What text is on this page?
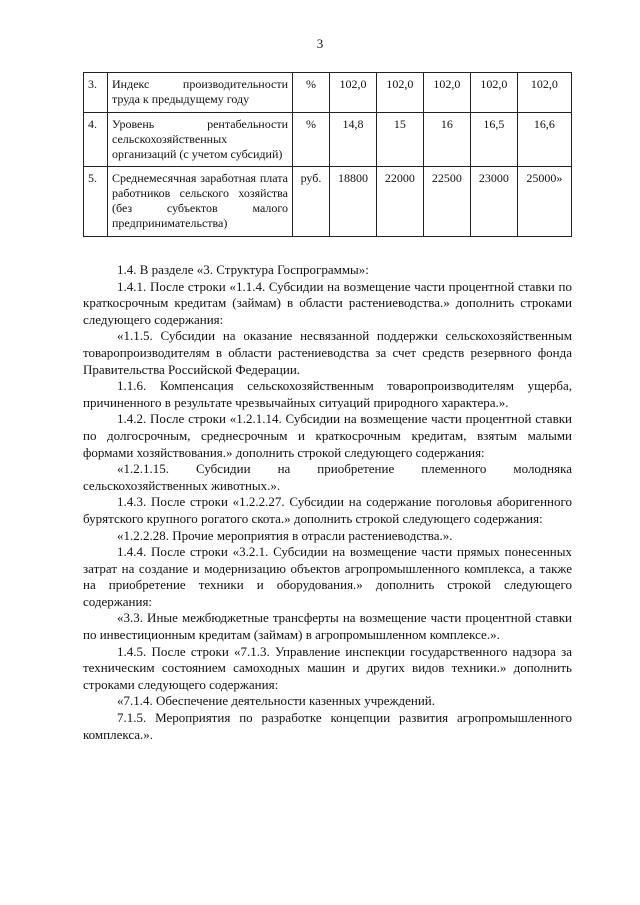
3
3.	Индекс производительности труда к предыдущему году	%	102,0	102,0	102,0	102,0	102,0
4.	Уровень рентабельности сельскохозяйственных организаций (с учетом субсидий)	%	14,8	15	16	16,5	16,6
5.	Среднемесячная заработная плата работников сельского хозяйства (без субъектов малого предпринимательства)	руб.	18800	22000	22500	23000	25000»

1.4. В разделе «3. Структура Госпрограммы»:

1.4.1. После строки «1.1.4. Субсидии на возмещение части процентной ставки по краткосрочным кредитам (займам) в области растениеводства.» дополнить строками следующего содержания:

«1.1.5. Субсидии на оказание несвязанной поддержки сельскохозяйственным товаропроизводителям в области растениеводства за счет средств резервного фонда Правительства Российской Федерации.

1.1.6. Компенсация сельскохозяйственным товаропроизводителям ущерба, причиненного в результате чрезвычайных ситуаций природного характера.».

1.4.2. После строки «1.2.1.14. Субсидии на возмещение части процентной ставки по долгосрочным, среднесрочным и краткосрочным кредитам, взятым малыми формами хозяйствования.» дополнить строкой следующего содержания:

«1.2.1.15. Субсидии на приобретение племенного молодняка сельскохозяйственных животных.».

1.4.3. После строки «1.2.2.27. Субсидии на содержание поголовья аборигенного бурятского крупного рогатого скота.» дополнить строкой следующего содержания:

«1.2.2.28. Прочие мероприятия в отрасли растениеводства.».

1.4.4. После строки «3.2.1. Субсидии на возмещение части прямых понесенных затрат на создание и модернизацию объектов агропромышленного комплекса, а также на приобретение техники и оборудования.» дополнить строкой следующего содержания:

«3.3. Иные межбюджетные трансферты на возмещение части процентной ставки по инвестиционным кредитам (займам) в агропромышленном комплексе.».

1.4.5. После строки «7.1.3. Управление инспекции государственного надзора за техническим состоянием самоходных машин и других видов техники.» дополнить строками следующего содержания:

«7.1.4. Обеспечение деятельности казенных учреждений.

7.1.5. Мероприятия по разработке концепции развития агропромышленного комплекса.».
